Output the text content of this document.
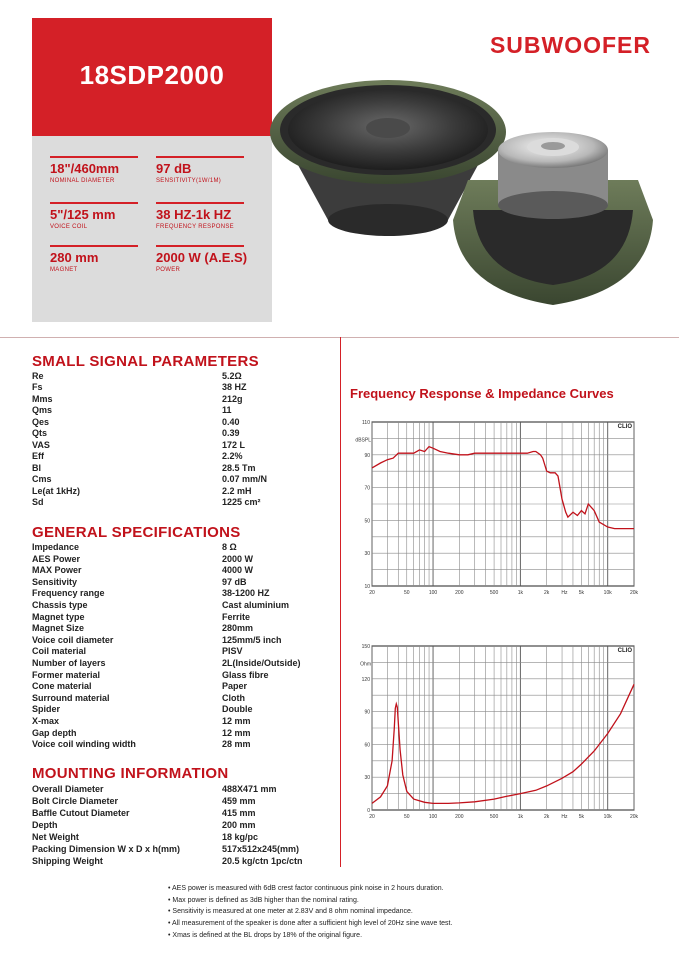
18SDP2000
18"/460mm
NOMINAL DIAMETER
97 dB
SENSITIVITY(1W/1M)
5"/125 mm
VOICE COIL
38 HZ-1k HZ
FREQUENCY RESPONSE
280 mm
MAGNET
2000 W (A.E.S)
POWER
SUBWOOFER
SMALL SIGNAL PARAMETERS
Re	5.2Ω
Fs	38 HZ
Mms	212g
Qms	11
Qes	0.40
Qts	0.39
VAS	172 L
Eff	2.2%
Bl	28.5 Tm
Cms	0.07 mm/N
Le(at 1kHz)	2.2 mH
Sd	1225 cm²
GENERAL SPECIFICATIONS
Impedance	8 Ω
AES Power	2000 W
MAX Power	4000 W
Sensitivity	97 dB
Frequency range	38-1200 HZ
Chassis type	Cast aluminium
Magnet type	Ferrite
Magnet Size	280mm
Voice coil diameter	125mm/5 inch
Coil material	PISV
Number of layers	2L(Inside/Outside)
Former material	Glass fibre
Cone material	Paper
Surround material	Cloth
Spider	Double
X-max	12 mm
Gap depth	12 mm
Voice coil winding width	28 mm
MOUNTING INFORMATION
Overall Diameter	488X471 mm
Bolt Circle Diameter	459 mm
Baffle Cutout Diameter	415 mm
Depth	200 mm
Net Weight	18 kg/pc
Packing Dimension W x D x h(mm)	517x512x245(mm)
Shipping Weight	20.5 kg/ctn 1pc/ctn
Frequency Response & Impedance Curves
110
90
70
50
30
10
dBSPL
20	50	100	200	500	1k	2k Hz 5k	10k	20k
CLIO
150
120
90
60
30
0
Ohm
20	50	100	200	500	1k	2k Hz 5k	10k	20k
CLIO
• AES power is measured with 6dB crest factor continuous pink noise in 2 hours duration.
• Max power is defined as 3dB higher than the nominal rating.
• Sensitivity is measured at one meter at 2.83V and 8 ohm nominal impedance.
• All measurement of the speaker is done after a sufficient high level of 20Hz sine wave test.
• Xmas is defined at the BL drops by 18% of the original figure.
